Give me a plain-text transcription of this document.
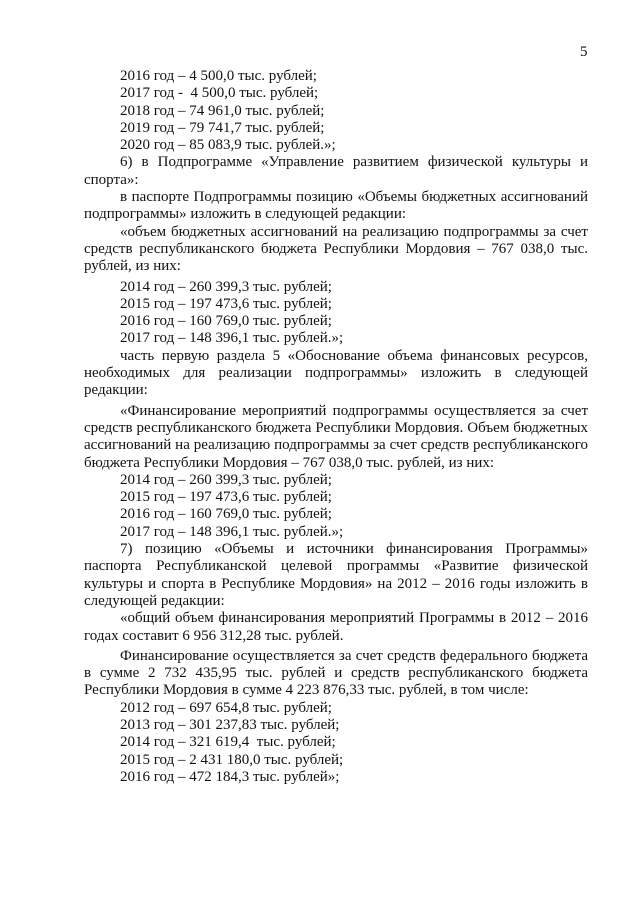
5
2016 год – 4 500,0 тыс. рублей;
2017 год -  4 500,0 тыс. рублей;
2018 год – 74 961,0 тыс. рублей;
2019 год – 79 741,7 тыс. рублей;
2020 год – 85 083,9 тыс. рублей.»;
6) в Подпрограмме «Управление развитием физической культуры и спорта»:
в паспорте Подпрограммы позицию «Объемы бюджетных ассигнований подпрограммы» изложить в следующей редакции:
«объем бюджетных ассигнований на реализацию подпрограммы за счет средств республиканского бюджета Республики Мордовия – 767 038,0 тыс. рублей, из них:
2014 год – 260 399,3 тыс. рублей;
2015 год – 197 473,6 тыс. рублей;
2016 год – 160 769,0 тыс. рублей;
2017 год – 148 396,1 тыс. рублей.»;
часть первую раздела 5 «Обоснование объема финансовых ресурсов, необходимых для реализации подпрограммы» изложить в следующей редакции:
«Финансирование мероприятий подпрограммы осуществляется за счет средств республиканского бюджета Республики Мордовия. Объем бюджетных ассигнований на реализацию подпрограммы за счет средств республиканского бюджета Республики Мордовия – 767 038,0 тыс. рублей, из них:
2014 год – 260 399,3 тыс. рублей;
2015 год – 197 473,6 тыс. рублей;
2016 год – 160 769,0 тыс. рублей;
2017 год – 148 396,1 тыс. рублей.»;
7) позицию «Объемы и источники финансирования Программы» паспорта Республиканской целевой программы «Развитие физической культуры и спорта в Республике Мордовия» на 2012 – 2016 годы изложить в следующей редакции:
«общий объем финансирования мероприятий Программы в 2012 – 2016 годах составит 6 956 312,28 тыс. рублей.
Финансирование осуществляется за счет средств федерального бюджета в сумме 2 732 435,95 тыс. рублей и средств республиканского бюджета Республики Мордовия в сумме 4 223 876,33 тыс. рублей, в том числе:
2012 год – 697 654,8 тыс. рублей;
2013 год – 301 237,83 тыс. рублей;
2014 год – 321 619,4  тыс. рублей;
2015 год – 2 431 180,0 тыс. рублей;
2016 год – 472 184,3 тыс. рублей»;
